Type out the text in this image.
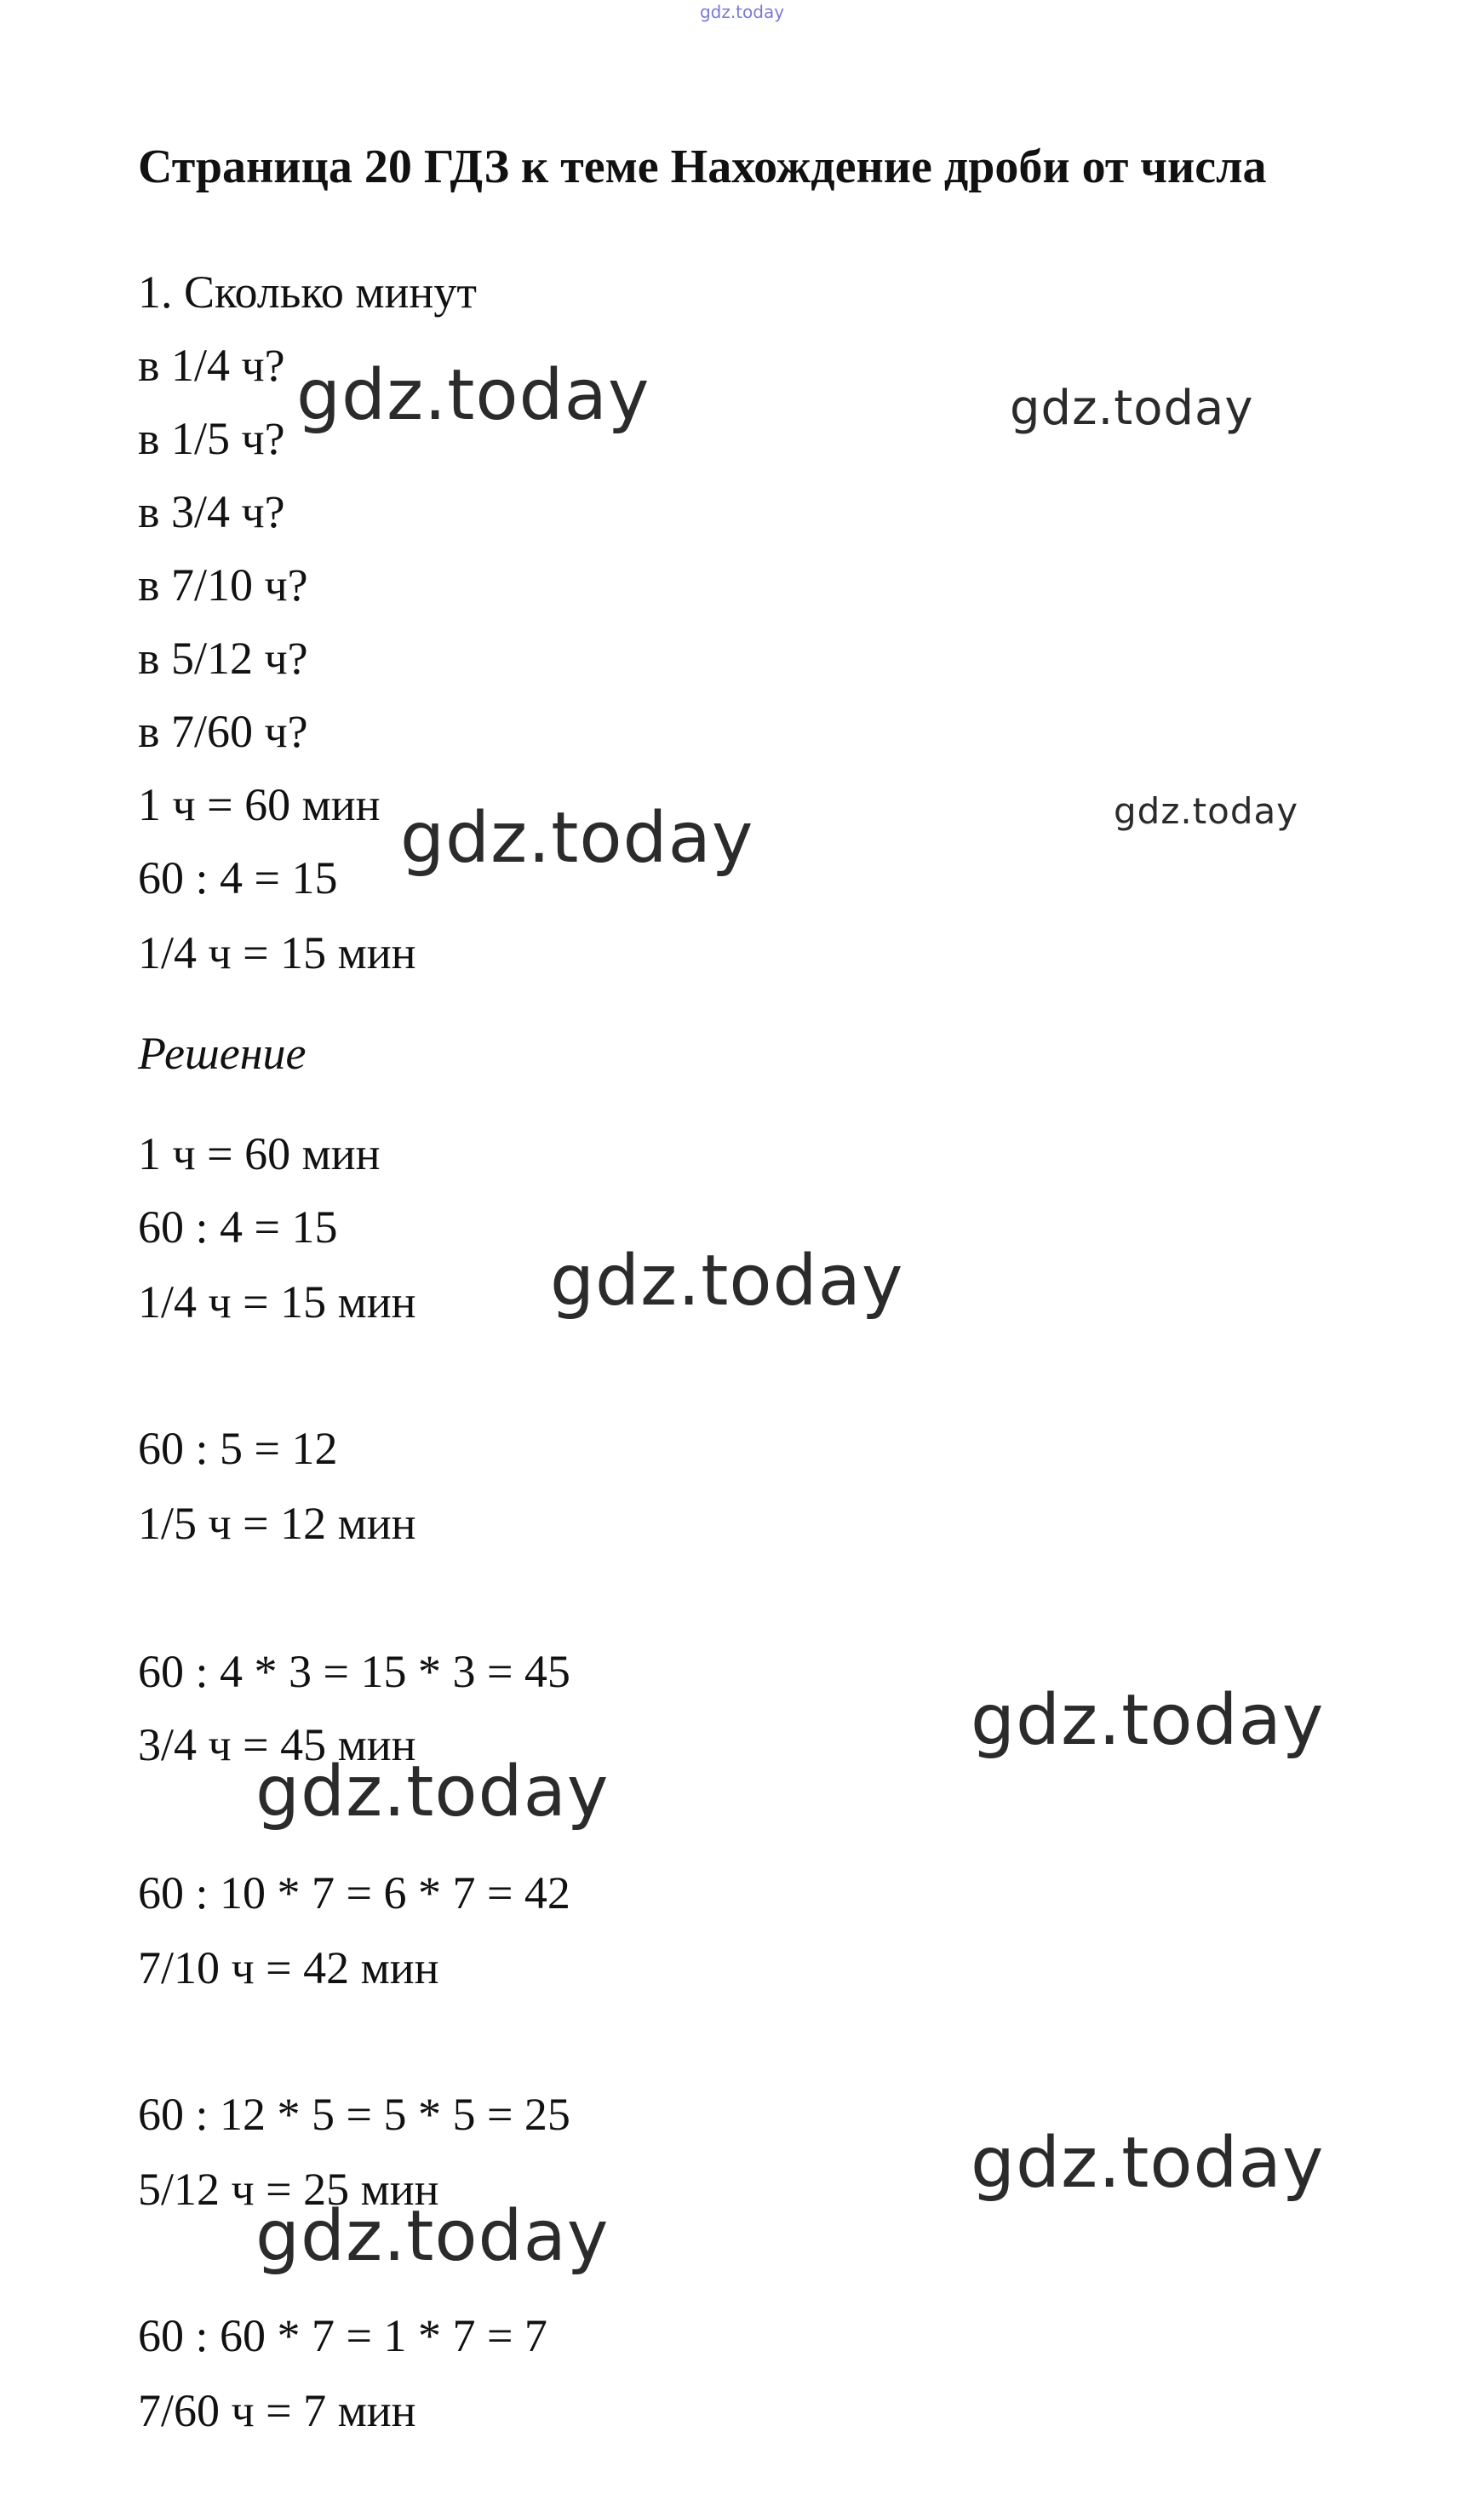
gdz.today
Страница 20 ГДЗ к теме Нахождение дроби от числа
1. Сколько минут
в 1/4 ч?
в 1/5 ч?
в 3/4 ч?
в 7/10 ч?
в 5/12 ч?
в 7/60 ч?
1 ч = 60 мин
60 : 4 = 15
1/4 ч = 15 мин
Решение
1 ч = 60 мин
60 : 4 = 15
1/4 ч = 15 мин
60 : 5 = 12
1/5 ч = 12 мин
60 : 4 * 3 = 15 * 3 = 45
3/4 ч = 45 мин
60 : 10 * 7 = 6 * 7 = 42
7/10 ч = 42 мин
60 : 12 * 5 = 5 * 5 = 25
5/12 ч = 25 мин
60 : 60 * 7 = 1 * 7 = 7
7/60 ч = 7 мин
gdz.today	gdz.today
gdz.today	gdz.today
gdz.today
gdz.today
gdz.today
gdz.today
gdz.today
